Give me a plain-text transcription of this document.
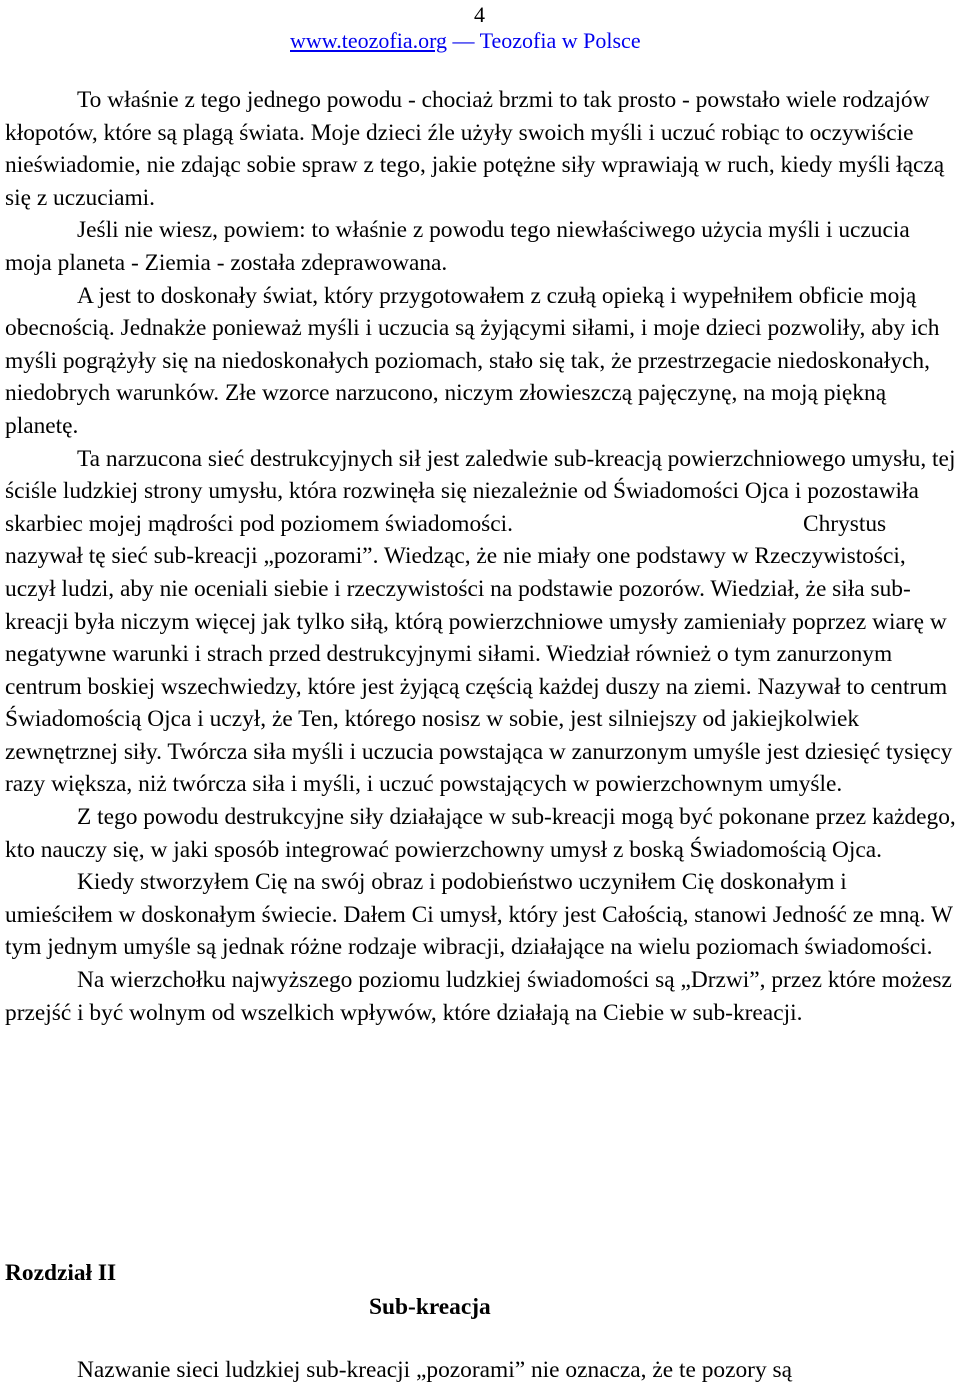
4
www.teozofia.org — Teozofia w Polsce

To właśnie z tego jednego powodu - chociaż brzmi to tak prosto - powstało wiele rodzajów kłopotów, które są plagą świata. Moje dzieci źle użyły swoich myśli i uczuć robiąc to oczywiście nieświadomie, nie zdając sobie spraw z tego, jakie potężne siły wprawiają w ruch, kiedy myśli łączą się z uczuciami.

Jeśli nie wiesz, powiem: to właśnie z powodu tego niewłaściwego użycia myśli i uczucia moja planeta - Ziemia - została zdeprawowana.

A jest to doskonały świat, który przygotowałem z czułą opieką i wypełniłem obficie moją obecnością. Jednakże ponieważ myśli i uczucia są żyjącymi siłami, i moje dzieci pozwoliły, aby ich myśli pogrążyły się na niedoskonałych poziomach, stało się tak, że przestrzegacie niedoskonałych, niedobrych warunków. Złe wzorce narzucono, niczym złowieszczą pajęczynę, na moją piękną planetę.

Ta narzucona sieć destrukcyjnych sił jest zaledwie sub-kreacją powierzchniowego umysłu, tej ściśle ludzkiej strony umysłu, która rozwinęła się niezależnie od Świadomości Ojca i pozostawiła skarbiec mojej mądrości pod poziomem świadomości.	Chrystus nazywał tę sieć sub-kreacji „pozorami”. Wiedząc, że nie miały one podstawy w Rzeczywistości, uczył ludzi, aby nie oceniali siebie i rzeczywistości na podstawie pozorów. Wiedział, że siła sub-kreacji była niczym więcej jak tylko siłą, którą powierzchniowe umysły zamieniały poprzez wiarę w negatywne warunki i strach przed destrukcyjnymi siłami. Wiedział również o tym zanurzonym centrum boskiej wszechwiedzy, które jest żyjącą częścią każdej duszy na ziemi. Nazywał to centrum Świadomością Ojca i uczył, że Ten, którego nosisz w sobie, jest silniejszy od jakiejkolwiek zewnętrznej siły. Twórcza siła myśli i uczucia powstająca w zanurzonym umyśle jest dziesięć tysięcy razy większa, niż twórcza siła i myśli, i uczuć powstających w powierzchownym umyśle.

Z tego powodu destrukcyjne siły działające w sub-kreacji mogą być pokonane przez każdego, kto nauczy się, w jaki sposób integrować powierzchowny umysł z boską Świadomością Ojca.

Kiedy stworzyłem Cię na swój obraz i podobieństwo uczyniłem Cię doskonałym i umieściłem w doskonałym świecie. Dałem Ci umysł, który jest Całością, stanowi Jedność ze mną. W tym jednym umyśle są jednak różne rodzaje wibracji, działające na wielu poziomach świadomości.

Na wierzchołku najwyższego poziomu ludzkiej świadomości są „Drzwi”, przez które możesz przejść i być wolnym od wszelkich wpływów, które działają na Ciebie w sub-kreacji.

Rozdział II
Sub-kreacja

Nazwanie sieci ludzkiej sub-kreacji „pozorami” nie oznacza, że te pozory są
